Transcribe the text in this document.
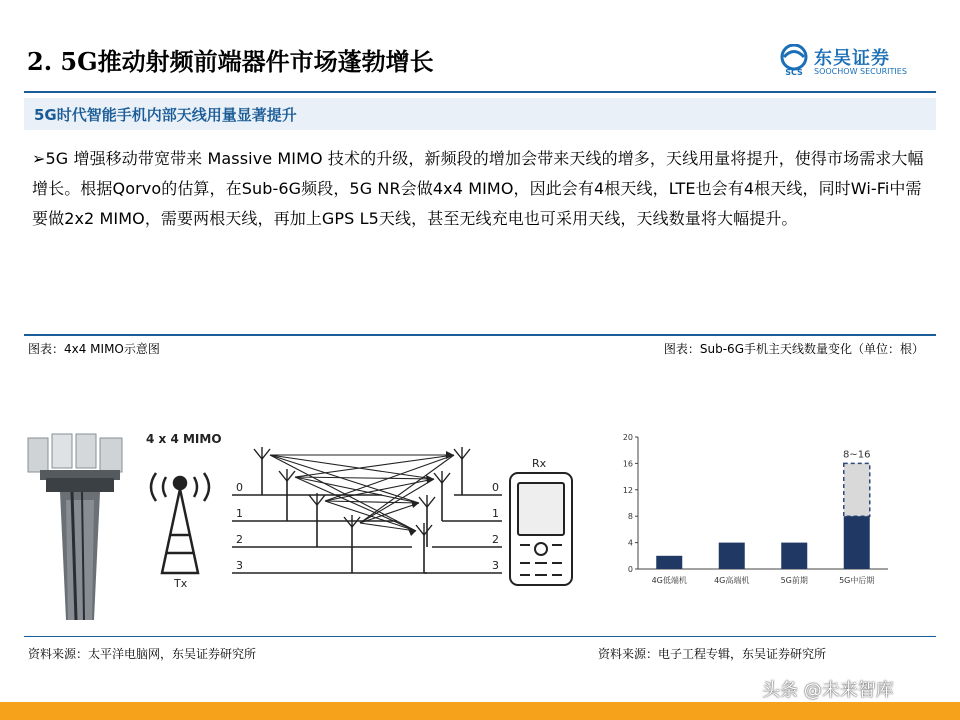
2. 5G推动射频前端器件市场蓬勃增长	SCS
东吴证券
SOOCHOW SECURITIES
5G时代智能手机内部天线用量显著提升
➢5G 增强移动带宽带来 Massive MIMO 技术的升级，新频段的增加会带来天线的增多，天线用量将提升，使得市场需求大幅增长。根据Qorvo的估算，在Sub-6G频段，5G NR会做4x4 MIMO，因此会有4根天线，LTE也会有4根天线，同时Wi-Fi中需要做2x2 MIMO，需要两根天线，再加上GPS L5天线，甚至无线充电也可采用天线，天线数量将大幅提升。
图表：4x4 MIMO示意图	图表：Sub-6G手机主天线数量变化（单位：根）
4 x 4 MIMO
Tx
0
1
2
3
0
1
2
3
Rx
0
4
8
12
16
20
4G低端机	4G高端机	5G前期
8~16
5G中后期
资料来源：太平洋电脑网，东吴证券研究所	资料来源：电子工程专辑，东吴证券研究所
头条 @未来智库
